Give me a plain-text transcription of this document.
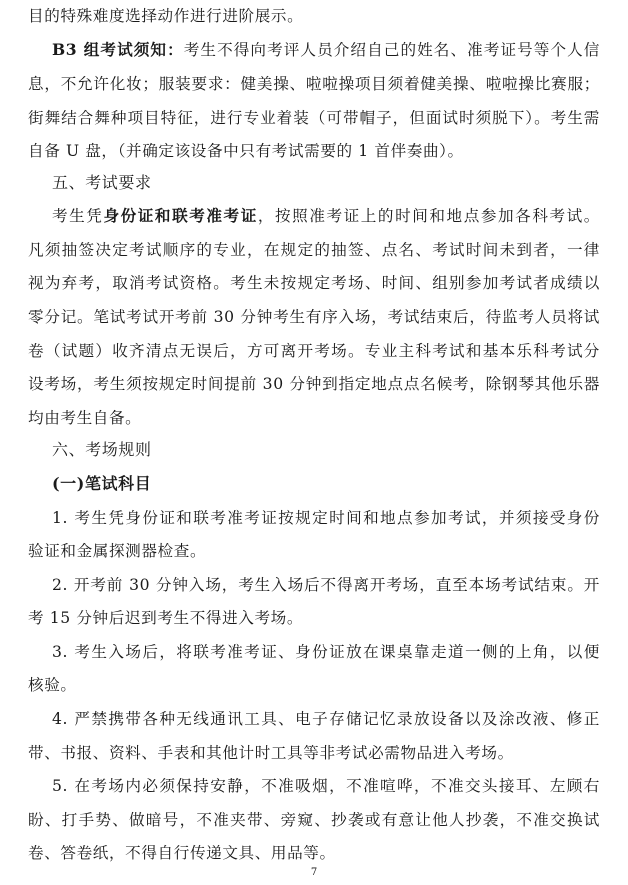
目的特殊难度选择动作进行进阶展示。
B3 组考试须知：考生不得向考评人员介绍自己的姓名、准考证号等个人信
息，不允许化妆；服装要求：健美操、啦啦操项目须着健美操、啦啦操比赛服；
街舞结合舞种项目特征，进行专业着装（可带帽子，但面试时须脱下）。考生需
自备 U 盘，（并确定该设备中只有考试需要的 1 首伴奏曲）。
五、考试要求
考生凭身份证和联考准考证，按照准考证上的时间和地点参加各科考试。
凡须抽签决定考试顺序的专业，在规定的抽签、点名、考试时间未到者，一律
视为弃考，取消考试资格。考生未按规定考场、时间、组别参加考试者成绩以
零分记。笔试考试开考前 30 分钟考生有序入场，考试结束后，待监考人员将试
卷（试题）收齐清点无误后，方可离开考场。专业主科考试和基本乐科考试分
设考场，考生须按规定时间提前 30 分钟到指定地点点名候考，除钢琴其他乐器
均由考生自备。
六、考场规则
(一)笔试科目
1. 考生凭身份证和联考准考证按规定时间和地点参加考试，并须接受身份
验证和金属探测器检查。
2. 开考前 30 分钟入场，考生入场后不得离开考场，直至本场考试结束。开
考 15 分钟后迟到考生不得进入考场。
3. 考生入场后，将联考准考证、身份证放在课桌靠走道一侧的上角，以便
核验。
4. 严禁携带各种无线通讯工具、电子存储记忆录放设备以及涂改液、修正
带、书报、资料、手表和其他计时工具等非考试必需物品进入考场。
5. 在考场内必须保持安静，不准吸烟，不准喧哗，不准交头接耳、左顾右
盼、打手势、做暗号，不准夹带、旁窥、抄袭或有意让他人抄袭，不准交换试
卷、答卷纸，不得自行传递文具、用品等。
7
